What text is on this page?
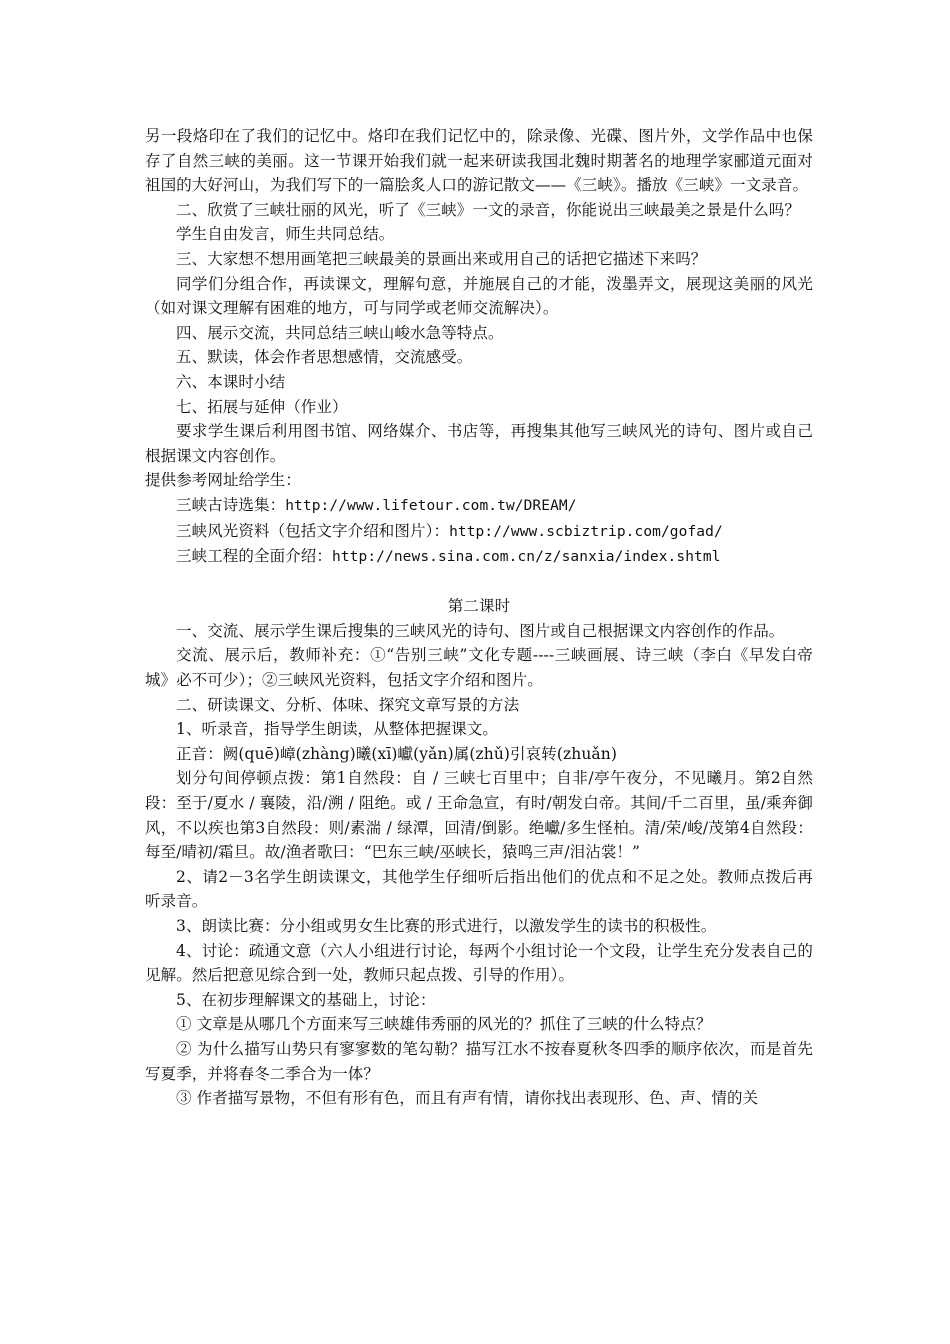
另一段烙印在了我们的记忆中。烙印在我们记忆中的，除录像、光碟、图片外，文学作品中也保存了自然三峡的美丽。这一节课开始我们就一起来研读我国北魏时期著名的地理学家郦道元面对祖国的大好河山，为我们写下的一篇脍炙人口的游记散文——《三峡》。播放《三峡》一文录音。

二、欣赏了三峡壮丽的风光，听了《三峡》一文的录音，你能说出三峡最美之景是什么吗？

学生自由发言，师生共同总结。

三、大家想不想用画笔把三峡最美的景画出来或用自己的话把它描述下来吗？

同学们分组合作，再读课文，理解句意，并施展自己的才能，泼墨弄文，展现这美丽的风光（如对课文理解有困难的地方，可与同学或老师交流解决）。

四、展示交流，共同总结三峡山峻水急等特点。

五、默读，体会作者思想感情，交流感受。

六、本课时小结

七、拓展与延伸（作业）

要求学生课后利用图书馆、网络媒介、书店等，再搜集其他写三峡风光的诗句、图片或自己根据课文内容创作。

提供参考网址给学生：

三峡古诗选集：http://www.lifetour.com.tw/DREAM/

三峡风光资料（包括文字介绍和图片）：http://www.scbiztrip.com/gofad/

三峡工程的全面介绍：http://news.sina.com.cn/z/sanxia/index.shtml

第二课时

一、交流、展示学生课后搜集的三峡风光的诗句、图片或自己根据课文内容创作的作品。

交流、展示后，教师补充：①“告别三峡”文化专题----三峡画展、诗三峡（李白《早发白帝城》必不可少）；②三峡风光资料，包括文字介绍和图片。

二、研读课文、分析、体味、探究文章写景的方法

1、听录音，指导学生朗读，从整体把握课文。

正音：阙(quē)嶂(zhàng)曦(xī)巘(yǎn)属(zhǔ)引哀转(zhuǎn)

划分句间停顿点拨：第1自然段：自 / 三峡七百里中；自非/亭午夜分，不见曦月。第2自然段：至于/夏水 / 襄陵，沿/溯 / 阻绝。或 / 王命急宣，有时/朝发白帝。其间/千二百里，虽/乘奔御风，不以疾也第3自然段：则/素湍 / 绿潭，回清/倒影。绝巘/多生怪柏。清/荣/峻/茂第4自然段：每至/晴初/霜旦。故/渔者歌曰：“巴东三峡/巫峡长，猿鸣三声/泪沾裳！”

2、请2－3名学生朗读课文，其他学生仔细听后指出他们的优点和不足之处。教师点拨后再听录音。

3、朗读比赛：分小组或男女生比赛的形式进行，以激发学生的读书的积极性。

4、讨论：疏通文意（六人小组进行讨论，每两个小组讨论一个文段，让学生充分发表自己的见解。然后把意见综合到一处，教师只起点拨、引导的作用）。

5、在初步理解课文的基础上，讨论：

① 文章是从哪几个方面来写三峡雄伟秀丽的风光的？抓住了三峡的什么特点？

② 为什么描写山势只有寥寥数的笔勾勒？描写江水不按春夏秋冬四季的顺序依次，而是首先写夏季，并将春冬二季合为一体？

③ 作者描写景物，不但有形有色，而且有声有情，请你找出表现形、色、声、情的关
